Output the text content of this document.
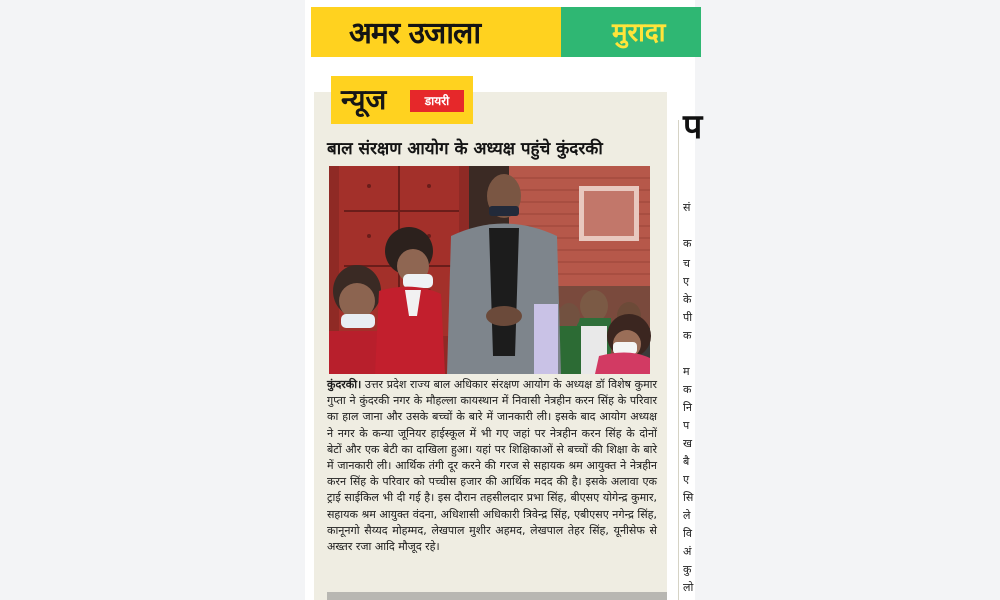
अमर उजाला	मुरादा
न्यूज	डायरी
बाल संरक्षण आयोग के अध्यक्ष पहुंचे कुंदरकी
कुंदरकी। उत्तर प्रदेश राज्य बाल अधिकार संरक्षण आयोग के अध्यक्ष डॉ विशेष कुमार गुप्ता ने कुंदरकी नगर के मौहल्ला कायस्थान में निवासी नेत्रहीन करन सिंह के परिवार का हाल जाना और उसके बच्चों के बारे में जानकारी ली। इसके बाद आयोग अध्यक्ष ने नगर के कन्या जूनियर हाईस्कूल में भी गए जहां पर नेत्रहीन करन सिंह के दोनों बेटों और एक बेटी का दाखिला हुआ। यहां पर शिक्षिकाओं से बच्चों की शिक्षा के बारे में जानकारी ली। आर्थिक तंगी दूर करने की गरज से सहायक श्रम आयुक्त ने नेत्रहीन करन सिंह के परिवार को पच्चीस हजार की आर्थिक मदद की है। इसके अलावा एक ट्राई साईकिल भी दी गई है। इस दौरान तहसीलदार प्रभा सिंह, बीएसए योगेन्द्र कुमार, सहायक श्रम आयुक्त वंदना, अधिशासी अधिकारी त्रिवेन्द्र सिंह, एबीएसए नगेन्द्र सिंह, कानूनगो सैय्यद मोहम्मद, लेखपाल मुशीर अहमद, लेखपाल तेहर सिंह, यूनीसेफ से अख्तर रजा आदि मौजूद रहे।
प
सं
क
च
ए
के
पी
क
म
क
नि
प
ख
बै
ए
सि
ले
वि
अं
कु
लो
